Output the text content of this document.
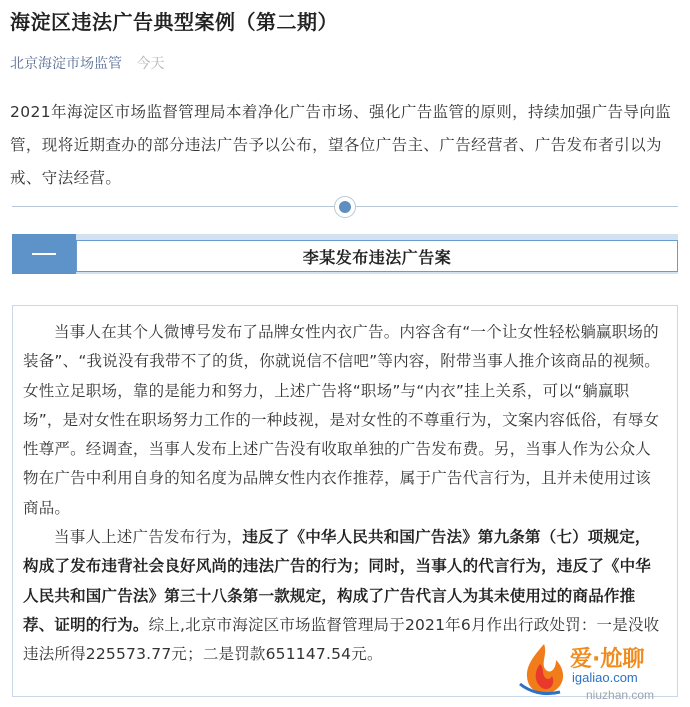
海淀区违法广告典型案例（第二期）
北京海淀市场监管 今天
2021年海淀区市场监督管理局本着净化广告市场、强化广告监管的原则，持续加强广告导向监管，现将近期查办的部分违法广告予以公布，望各位广告主、广告经营者、广告发布者引以为戒、守法经营。
李某发布违法广告案

当事人在其个人微博号发布了品牌女性内衣广告。内容含有“一个让女性轻松躺赢职场的装备”、“我说没有我带不了的货，你就说信不信吧”等内容，附带当事人推介该商品的视频。女性立足职场，靠的是能力和努力，上述广告将“职场”与“内衣”挂上关系，可以“躺赢职场”，是对女性在职场努力工作的一种歧视，是对女性的不尊重行为，文案内容低俗，有辱女性尊严。经调查，当事人发布上述广告没有收取单独的广告发布费。另，当事人作为公众人物在广告中利用自身的知名度为品牌女性内衣作推荐，属于广告代言行为，且并未使用过该商品。

当事人上述广告发布行为，违反了《中华人民共和国广告法》第九条第（七）项规定，构成了发布违背社会良好风尚的违法广告的行为；同时，当事人的代言行为，违反了《中华人民共和国广告法》第三十八条第一款规定，构成了广告代言人为其未使用过的商品作推荐、证明的行为。综上,北京市海淀区市场监督管理局于2021年6月作出行政处罚：一是没收违法所得225573.77元；二是罚款651147.54元。	爱·尬聊
igaliao.com
niuzhan.com
